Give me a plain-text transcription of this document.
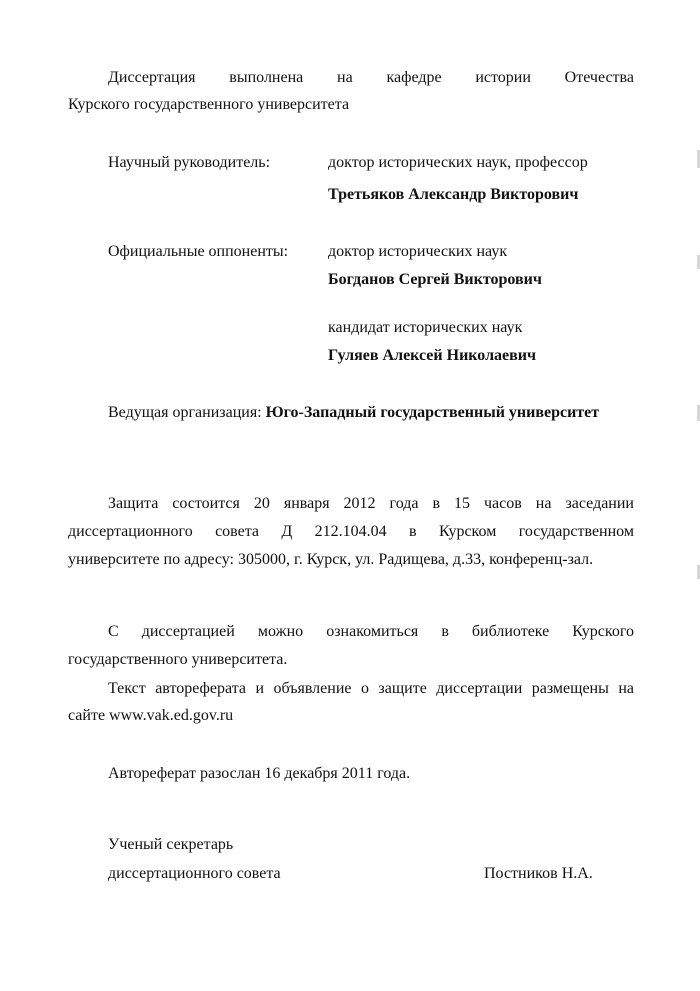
Диссертация выполнена на кафедре истории Отечества
Курского государственного университета
Научный руководитель:	доктор исторических наук, профессор
Третьяков Александр Викторович
Официальные оппоненты: доктор исторических наук
Богданов Сергей Викторович
кандидат исторических наук
Гуляев Алексей Николаевич
Ведущая организация: Юго-Западный государственный университет
Защита состоится 20 января 2012 года в 15 часов на заседании
диссертационного совета Д 212.104.04 в Курском государственном
университете по адресу: 305000, г. Курск, ул. Радищева, д.33, конференц-зал.
С диссертацией можно ознакомиться в библиотеке Курского
государственного университета.
Текст автореферата и объявление о защите диссертации размещены на
сайте www.vak.ed.gov.ru
Автореферат разослан 16 декабря 2011 года.
Ученый секретарь
диссертационного совета	Постников Н.А.
